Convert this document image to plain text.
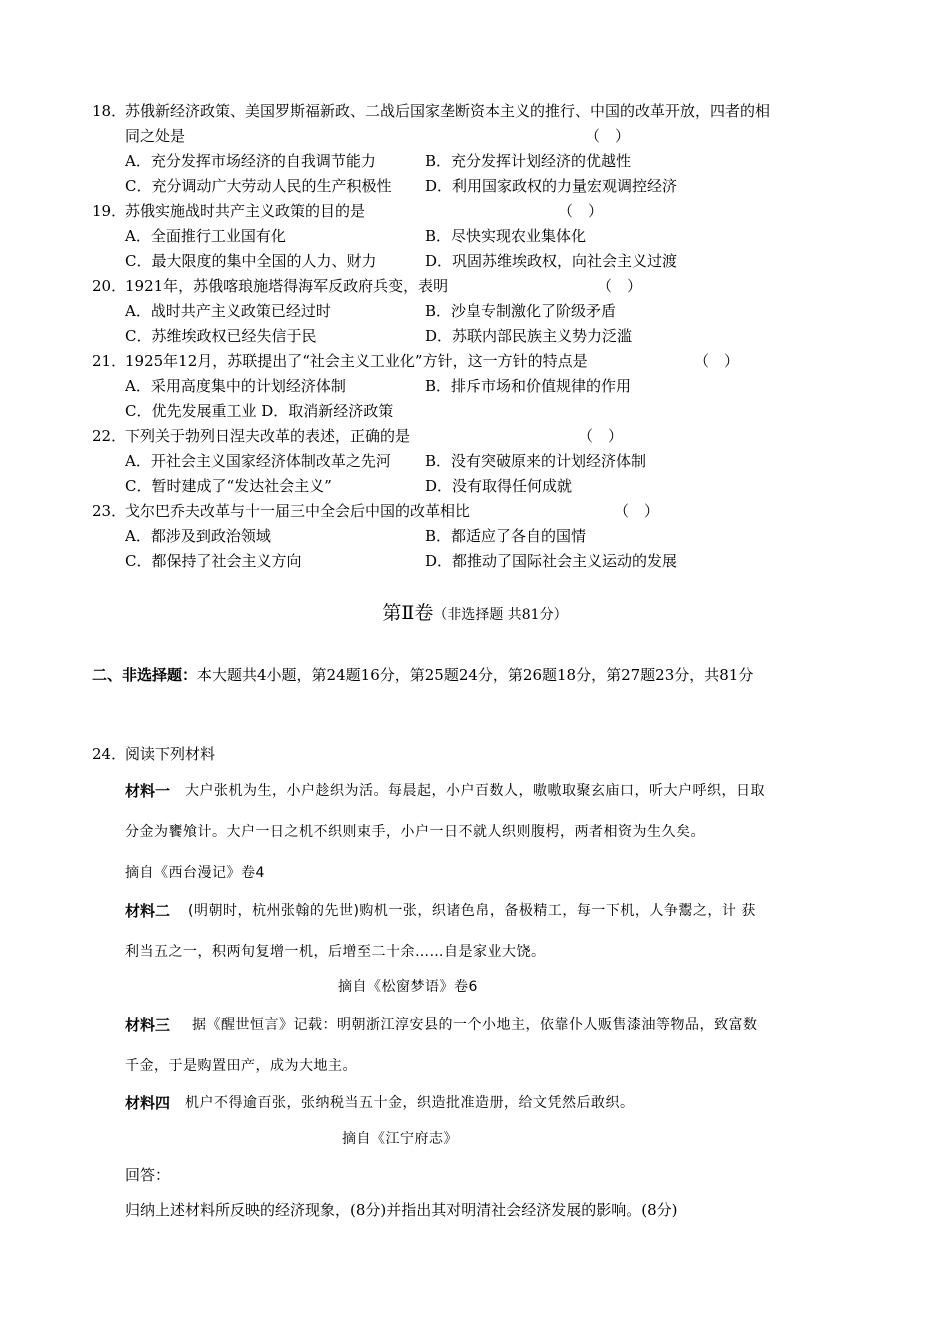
18．
苏俄新经济政策、美国罗斯福新政、二战后国家垄断资本主义的推行、中国的改革开放，四者的相
同之处是	（　）
A．充分发挥市场经济的自我调节能力	B．充分发挥计划经济的优越性
C．充分调动广大劳动人民的生产积极性 D．利用国家政权的力量宏观调控经济
19．
苏俄实施战时共产主义政策的目的是	（　）
A．全面推行工业国有化	B．尽快实现农业集体化
C．最大限度的集中全国的人力、财力	D．巩固苏维埃政权，向社会主义过渡
20．
1921年，苏俄喀琅施塔得海军反政府兵变，表明	（　）
A．战时共产主义政策已经过时	B．沙皇专制激化了阶级矛盾
C．苏维埃政权已经失信于民	D．苏联内部民族主义势力泛滥
21．
1925年12月，苏联提出了“社会主义工业化”方针，这一方针的特点是	（　）
A．采用高度集中的计划经济体制	B．排斥市场和价值规律的作用
C．优先发展重工业 D．取消新经济政策
22．
下列关于勃列日涅夫改革的表述，正确的是	（　）
A．开社会主义国家经济体制改革之先河 B．没有突破原来的计划经济体制
C．暂时建成了“发达社会主义”	D．没有取得任何成就
23．
戈尔巴乔夫改革与十一届三中全会后中国的改革相比	（　）
A．都涉及到政治领域	B．都适应了各自的国情
C．都保持了社会主义方向	D．都推动了国际社会主义运动的发展
第Ⅱ卷（非选择题 共81分）
二、非选择题：本大题共4小题，第24题16分，第25题24分，第26题18分，第27题23分，共81分
24．
阅读下列材料
材料一 大户张机为生，小户趁织为活。每晨起，小户百数人，嗷嗷取聚玄庙口，听大户呼织，日取
分金为饔飧计。大户一日之机不织则束手，小户一日不就人织则腹枵，两者相资为生久矣。
摘自《西台漫记》卷4
材料二 (明朝时，杭州张翰的先世)购机一张，织诸色帛，备极精工，每一下机，人争鬻之，计 获
利当五之一，积两旬复增一机，后增至二十余……自是家业大饶。
摘自《松窗梦语》卷6
材料三 据《醒世恒言》记载：明朝浙江淳安县的一个小地主，依靠仆人贩售漆油等物品，致富数
千金，于是购置田产，成为大地主。
材料四 机户不得逾百张，张纳税当五十金，织造批准造册，给文凭然后敢织。
摘自《江宁府志》
回答：
归纳上述材料所反映的经济现象，(8分)并指出其对明清社会经济发展的影响。(8分)
